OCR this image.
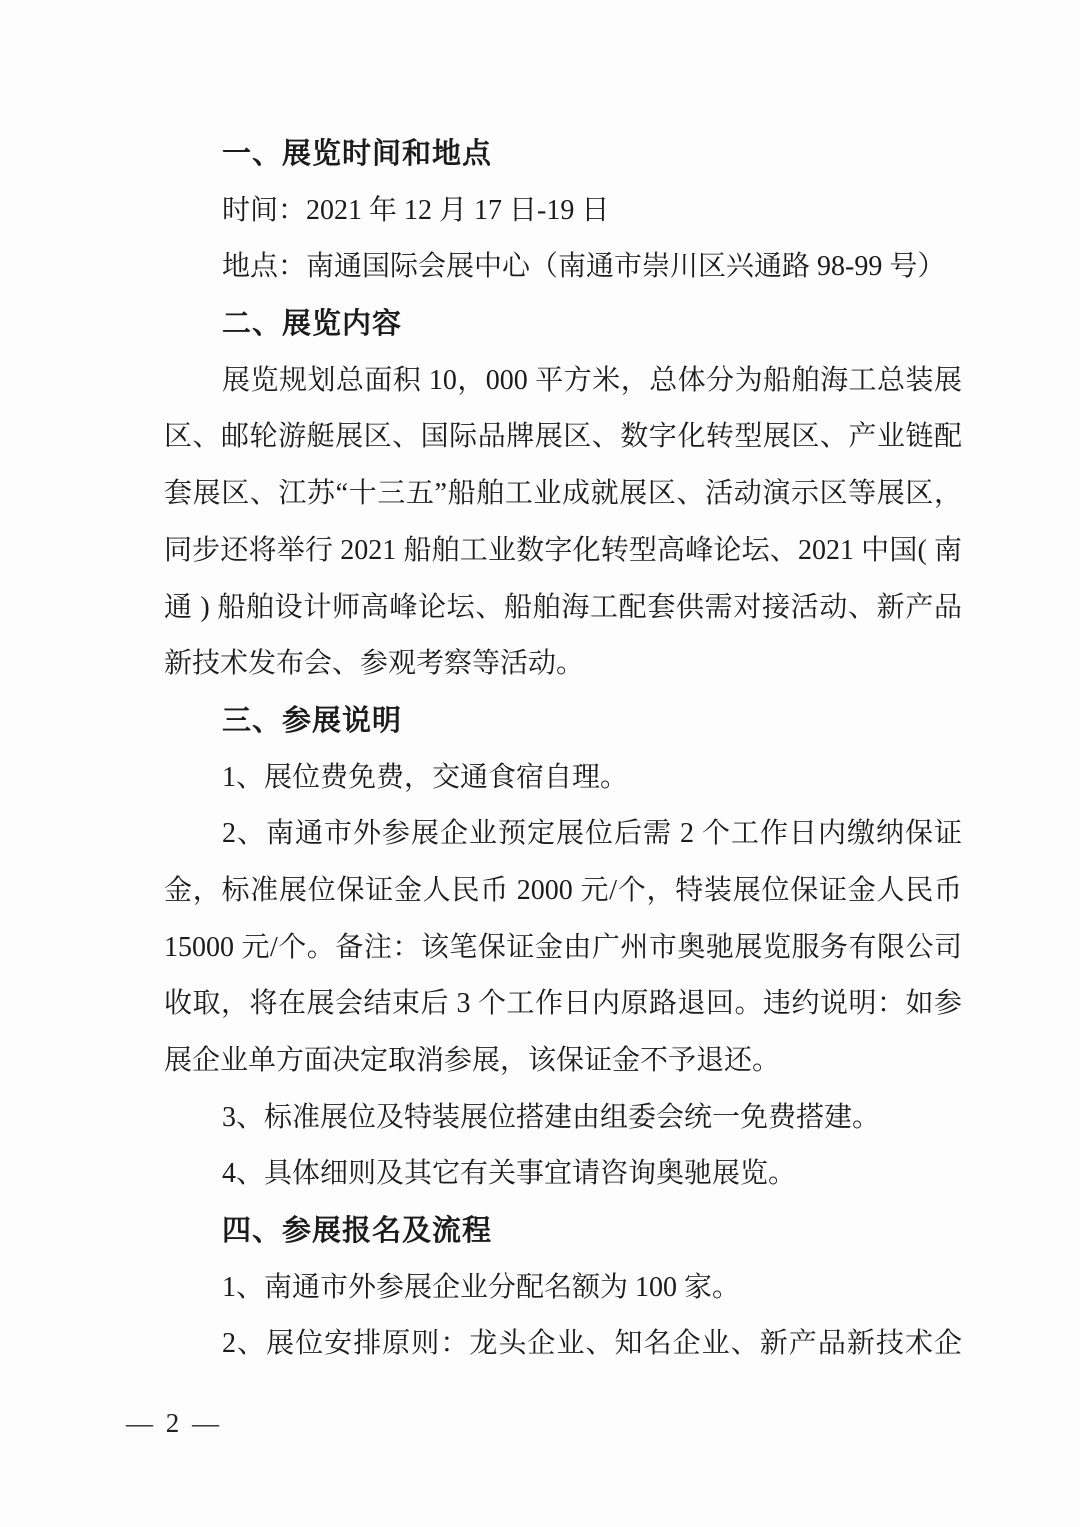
一、展览时间和地点

时间：2021 年 12 月 17 日-19 日

地点：南通国际会展中心（南通市崇川区兴通路 98-99 号）

二、展览内容

展览规划总面积 10，000 平方米，总体分为船舶海工总装展

区、邮轮游艇展区、国际品牌展区、数字化转型展区、产业链配

套展区、江苏“十三五”船舶工业成就展区、活动演示区等展区，

同步还将举行 2021 船舶工业数字化转型高峰论坛、2021 中国( 南

通 ) 船舶设计师高峰论坛、船舶海工配套供需对接活动、新产品

新技术发布会、参观考察等活动。

三、参展说明

1、展位费免费，交通食宿自理。

2、南通市外参展企业预定展位后需 2 个工作日内缴纳保证

金，标准展位保证金人民币 2000 元/个，特装展位保证金人民币

15000 元/个。备注：该笔保证金由广州市奥驰展览服务有限公司

收取，将在展会结束后 3 个工作日内原路退回。违约说明：如参

展企业单方面决定取消参展，该保证金不予退还。

3、标准展位及特装展位搭建由组委会统一免费搭建。

4、具体细则及其它有关事宜请咨询奥驰展览。

四、参展报名及流程

1、南通市外参展企业分配名额为 100 家。

2、展位安排原则：龙头企业、知名企业、新产品新技术企

— 2 —
